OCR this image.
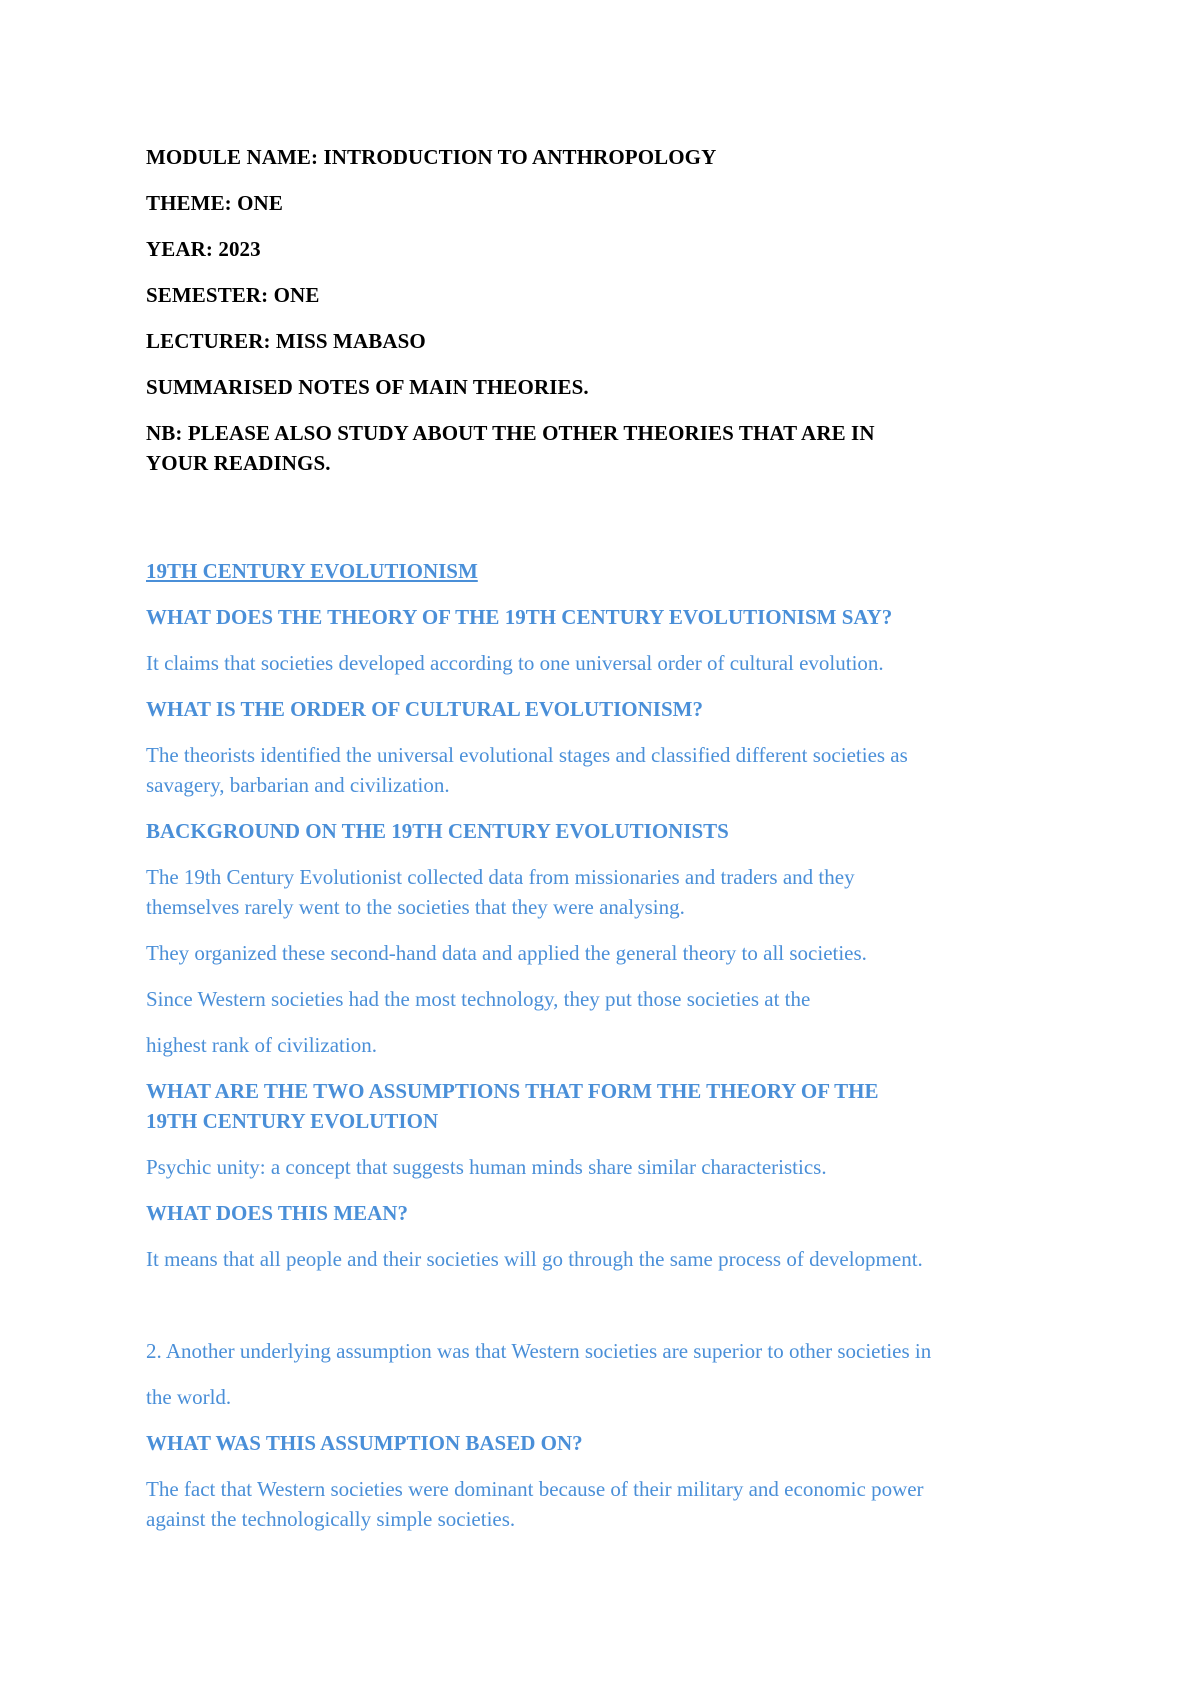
MODULE NAME: INTRODUCTION TO ANTHROPOLOGY
THEME: ONE
YEAR: 2023
SEMESTER: ONE
LECTURER: MISS MABASO
SUMMARISED NOTES OF MAIN THEORIES.
NB: PLEASE ALSO STUDY ABOUT THE OTHER THEORIES THAT ARE IN
YOUR READINGS.
19TH CENTURY EVOLUTIONISM
WHAT DOES THE THEORY OF THE 19TH CENTURY EVOLUTIONISM SAY?
It claims that societies developed according to one universal order of cultural evolution.
WHAT IS THE ORDER OF CULTURAL EVOLUTIONISM?
The theorists identified the universal evolutional stages and classified different societies as
savagery, barbarian and civilization.
BACKGROUND ON THE 19TH CENTURY EVOLUTIONISTS
The 19th Century Evolutionist collected data from missionaries and traders and they
themselves rarely went to the societies that they were analysing.
They organized these second-hand data and applied the general theory to all societies.
Since Western societies had the most technology, they put those societies at the
highest rank of civilization.
WHAT ARE THE TWO ASSUMPTIONS THAT FORM THE THEORY OF THE
19TH CENTURY EVOLUTION
Psychic unity: a concept that suggests human minds share similar characteristics.
WHAT DOES THIS MEAN?
It means that all people and their societies will go through the same process of development.
2. Another underlying assumption was that Western societies are superior to other societies in
the world.
WHAT WAS THIS ASSUMPTION BASED ON?
The fact that Western societies were dominant because of their military and economic power
against the technologically simple societies.
